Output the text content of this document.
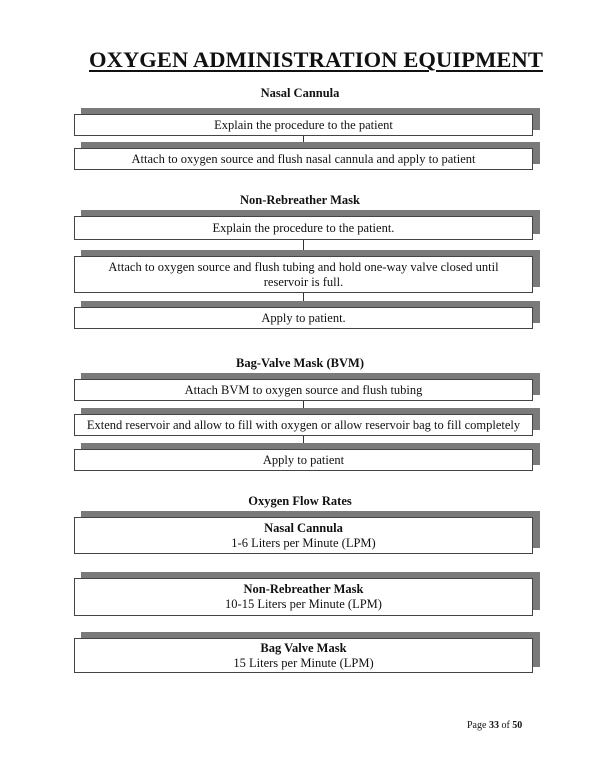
OXYGEN ADMINISTRATION EQUIPMENT
Nasal Cannula
Explain the procedure to the patient
Attach to oxygen source and flush nasal cannula and apply to patient
Non-Rebreather Mask
Explain the procedure to the patient.
Attach to oxygen source and flush tubing and hold one-way valve closed until reservoir is full.
Apply to patient.
Bag-Valve Mask (BVM)
Attach BVM to oxygen source and flush tubing
Extend reservoir and allow to fill with oxygen or allow reservoir bag to fill completely
Apply to patient
Oxygen Flow Rates
Nasal Cannula
1-6 Liters per Minute (LPM)
Non-Rebreather Mask
10-15 Liters per Minute (LPM)
Bag Valve Mask
15 Liters per Minute (LPM)
Page 33 of 50
